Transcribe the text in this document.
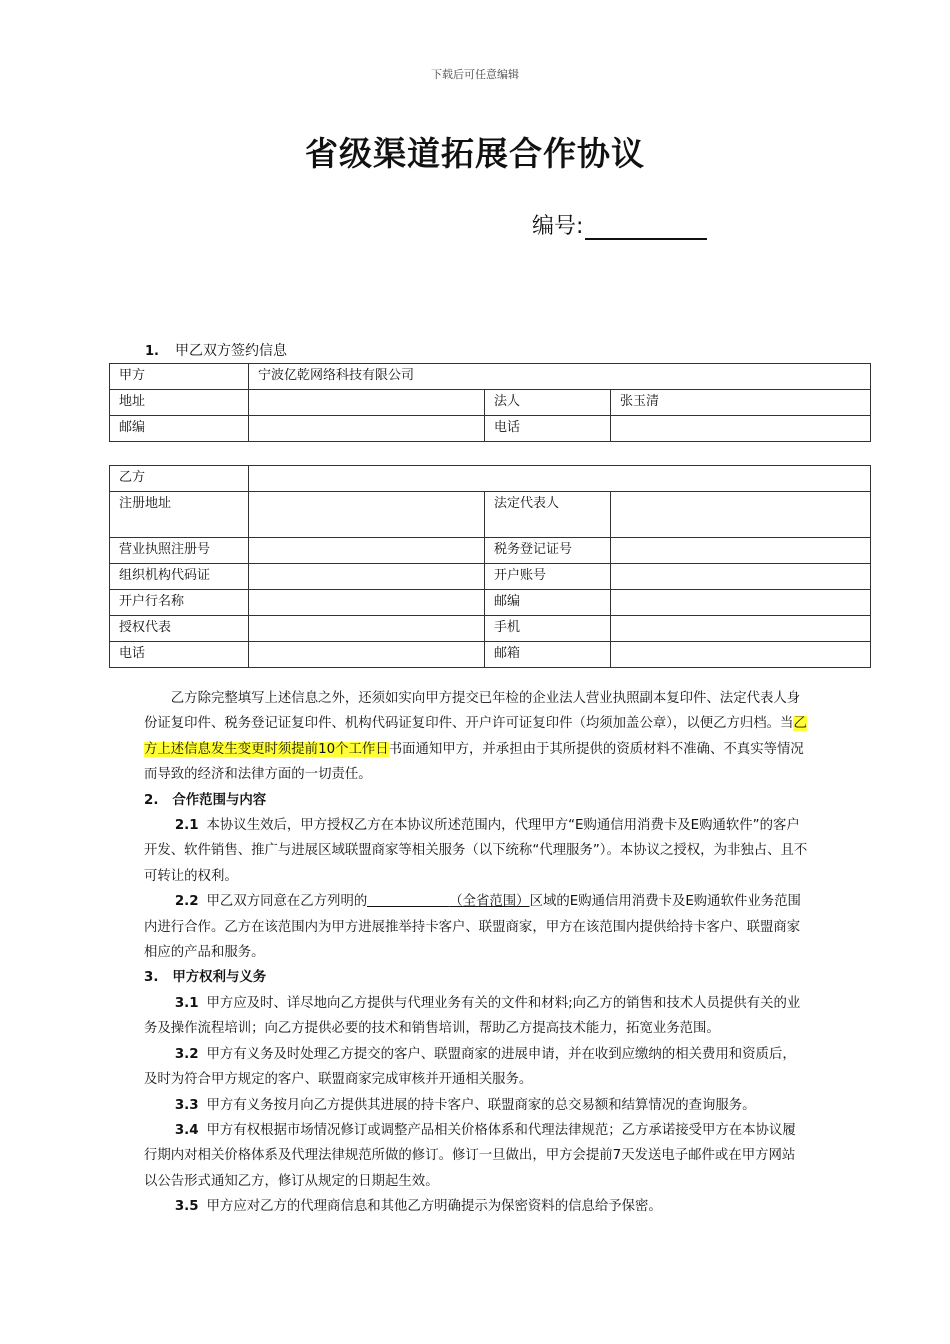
下载后可任意编辑
省级渠道拓展合作协议
编号:
1. 甲乙双方签约信息
甲方	宁波亿乾网络科技有限公司		
地址		法人	张玉清
邮编		电话	
乙方			
注册地址		法定代表人	
营业执照注册号		税务登记证号	
组织机构代码证		开户账号	
开户行名称		邮编	
授权代表		手机	
电话		邮箱	

乙方除完整填写上述信息之外，还须如实向甲方提交已年检的企业法人营业执照副本复印件、法定代表人身份证复印件、税务登记证复印件、机构代码证复印件、开户许可证复印件（均须加盖公章），以便乙方归档。当乙方上述信息发生变更时须提前10个工作日书面通知甲方，并承担由于其所提供的资质材料不准确、不真实等情况而导致的经济和法律方面的一切责任。

2. 合作范围与内容

2.1 本协议生效后，甲方授权乙方在本协议所述范围内，代理甲方“E购通信用消费卡及E购通软件”的客户开发、软件销售、推广与进展区域联盟商家等相关服务（以下统称“代理服务”）。本协议之授权，为非独占、且不可转让的权利。

2.2 甲乙双方同意在乙方列明的	（全省范围）区域的E购通信用消费卡及E购通软件业务范围内进行合作。乙方在该范围内为甲方进展推举持卡客户、联盟商家，甲方在该范围内提供给持卡客户、联盟商家相应的产品和服务。

3. 甲方权利与义务

3.1 甲方应及时、详尽地向乙方提供与代理业务有关的文件和材料;向乙方的销售和技术人员提供有关的业务及操作流程培训；向乙方提供必要的技术和销售培训，帮助乙方提高技术能力，拓宽业务范围。

3.2 甲方有义务及时处理乙方提交的客户、联盟商家的进展申请，并在收到应缴纳的相关费用和资质后，及时为符合甲方规定的客户、联盟商家完成审核并开通相关服务。

3.3 甲方有义务按月向乙方提供其进展的持卡客户、联盟商家的总交易额和结算情况的查询服务。

3.4 甲方有权根据市场情况修订或调整产品相关价格体系和代理法律规范；乙方承诺接受甲方在本协议履行期内对相关价格体系及代理法律规范所做的修订。修订一旦做出，甲方会提前7天发送电子邮件或在甲方网站以公告形式通知乙方，修订从规定的日期起生效。

3.5 甲方应对乙方的代理商信息和其他乙方明确提示为保密资料的信息给予保密。
